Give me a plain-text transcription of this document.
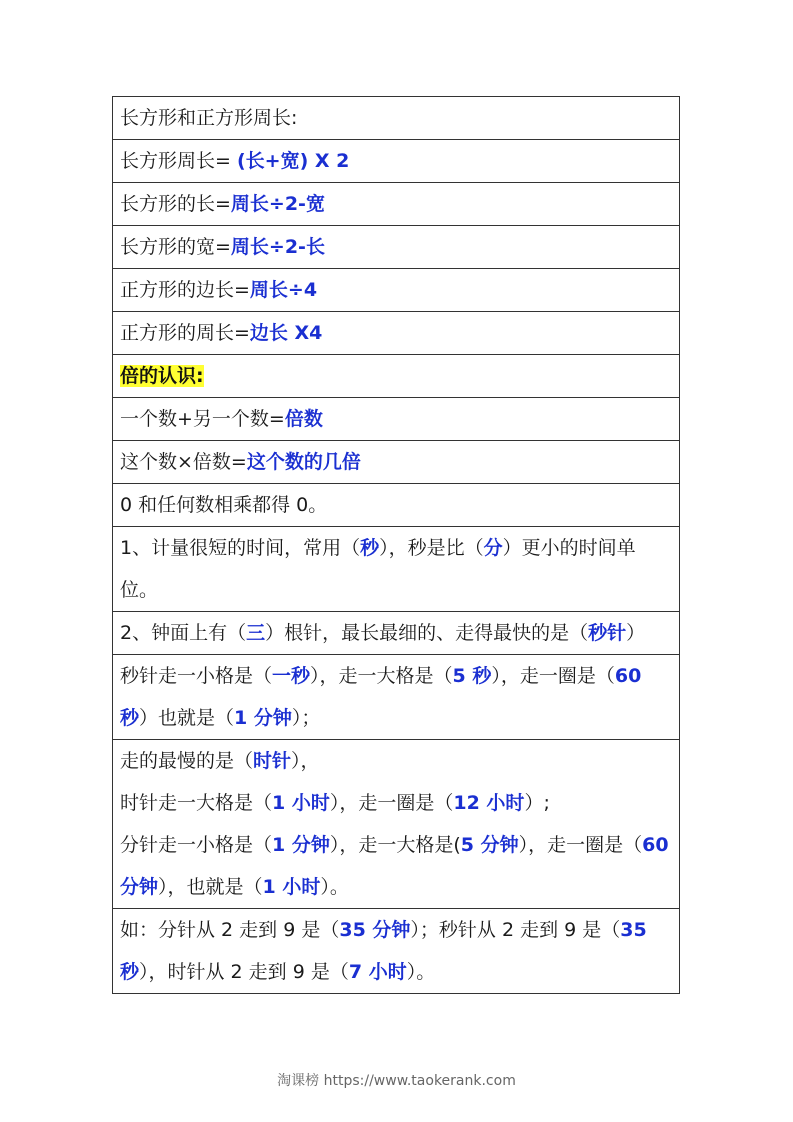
长方形和正方形周长:
长方形周长= (长+宽) X 2
长方形的长=周长÷2-宽
长方形的宽=周长÷2-长
正方形的边长=周长÷4
正方形的周长=边长 X4
倍的认识:
一个数+另一个数=倍数
这个数×倍数=这个数的几倍
0 和任何数相乘都得 0。
1、计量很短的时间，常用（秒），秒是比（分）更小的时间单位。
2、钟面上有（三）根针，最长最细的、走得最快的是（秒针）
秒针走一小格是（一秒），走一大格是（5 秒），走一圈是（60 秒）也就是（1 分钟）；

走的最慢的是（时针），
时针走一大格是（1 小时），走一圈是（12 小时）;
分针走一小格是（1 分钟），走一大格是(5 分钟），走一圈是（60 分钟），也就是（1 小时）。

如：分针从 2 走到 9 是（35 分钟）；秒针从 2 走到 9 是（35 秒），时针从 2 走到 9 是（7 小时）。
淘课榜 https://www.taokerank.com
